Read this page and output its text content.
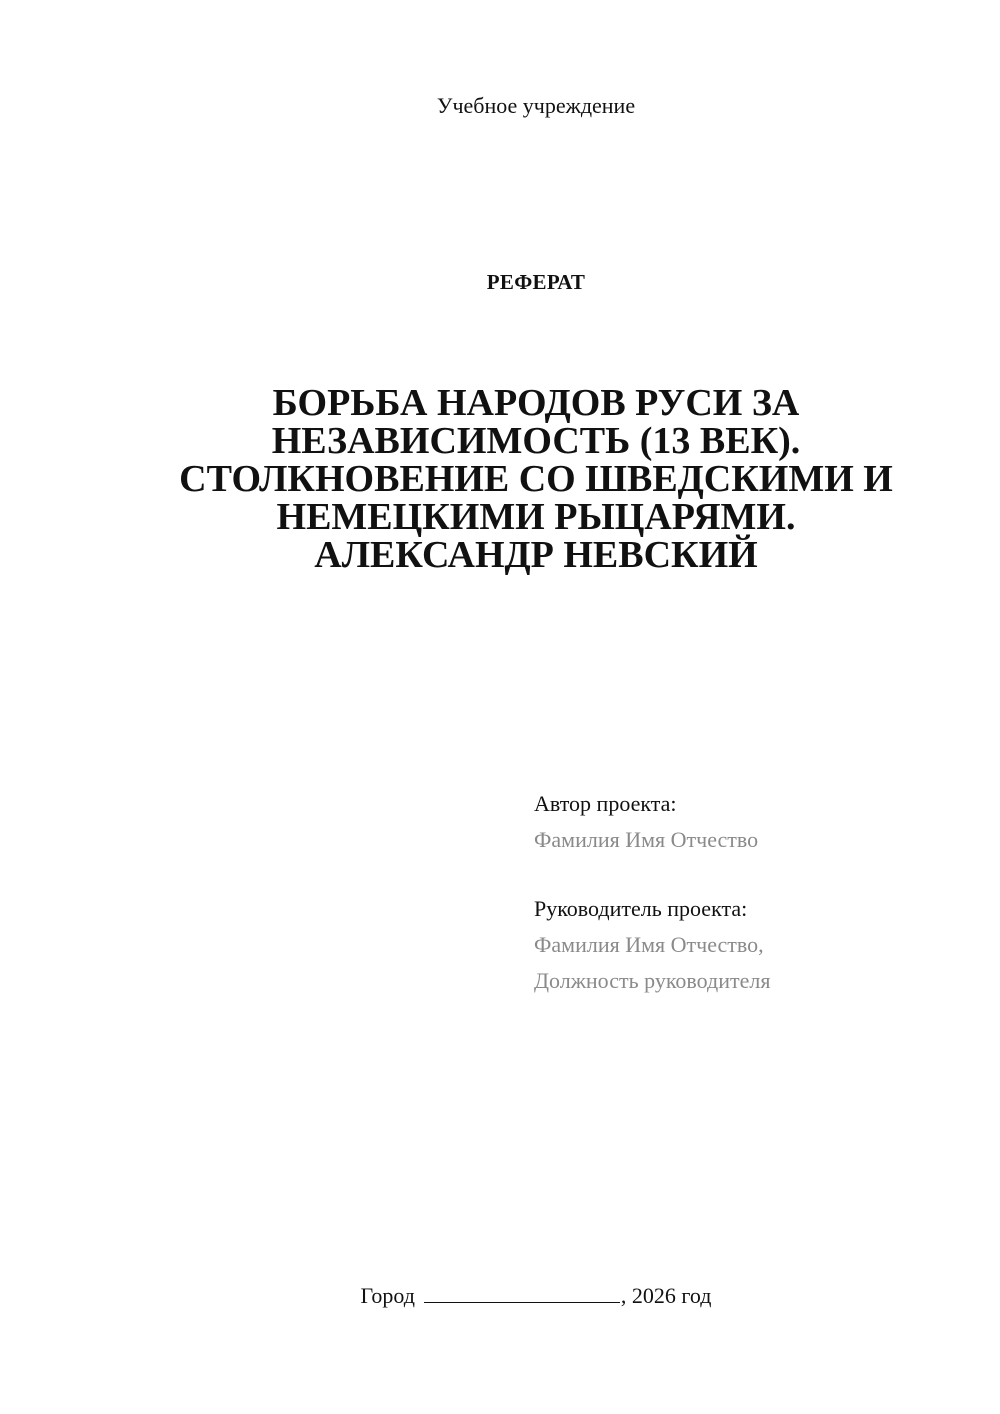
Учебное учреждение
РЕФЕРАТ
БОРЬБА НАРОДОВ РУСИ ЗА
НЕЗАВИСИМОСТЬ (13 ВЕК).
СТОЛКНОВЕНИЕ СО ШВЕДСКИМИ И
НЕМЕЦКИМИ РЫЦАРЯМИ.
АЛЕКСАНДР НЕВСКИЙ
Автор проекта:
Фамилия Имя Отчество
Руководитель проекта:
Фамилия Имя Отчество,
Должность руководителя
Город	, 2026 год
